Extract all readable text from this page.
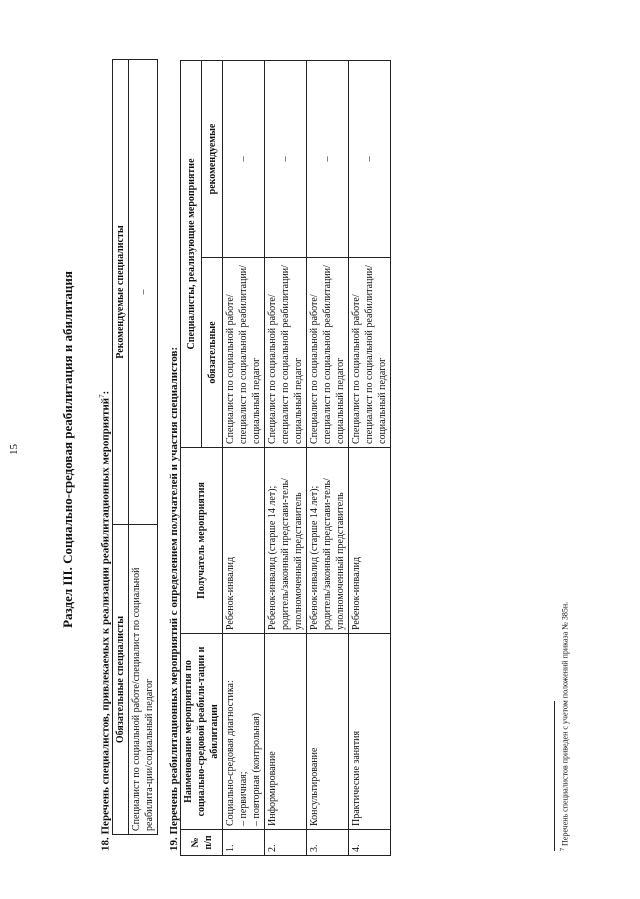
15	Раздел III. Социально-средовая реабилитация и абилитация 18. Перечень специалистов, привлекаемых к реализации реабилитационных мероприятий$^7$:
Обязательные специалисты	Рекомендуемые специалисты
Специалист по социальной работе/специалист по социальной реабилита-ции/социальный педагог	–
19. Перечень реабилитационных мероприятий с определением получателей и участия специалистов: № п/п	Наименование мероприятия по социально-средовой реабили-тации и абилитации	Получатель мероприятия	Специалисты, реализующие мероприятие	
			обязательные	рекомендуемые
1.	Социально-средовая диагностика: – первичная; – повторная (контрольная)	Ребенок-инвалид	Специалист по социальной работе/специалист по социальной реабилитации/социальный педагог	–
2.	Информирование	Ребенок-инвалид (старше 14 лет); родитель/законный представи-тель/уполномоченный представитель	Специалист по социальной работе/специалист по социальной реабилитации/социальный педагог	–
3.	Консультирование	Ребенок-инвалид (старше 14 лет); родитель/законный представи-тель/уполномоченный представитель	Специалист по социальной работе/специалист по социальной реабилитации/социальный педагог	–
4.	Практические занятия	Ребенок-инвалид	Специалист по социальной работе/специалист по социальной реабилитации/социальный педагог	–
$^7$ Перечень специалистов приведен с учетом положений приказа № 385н.
